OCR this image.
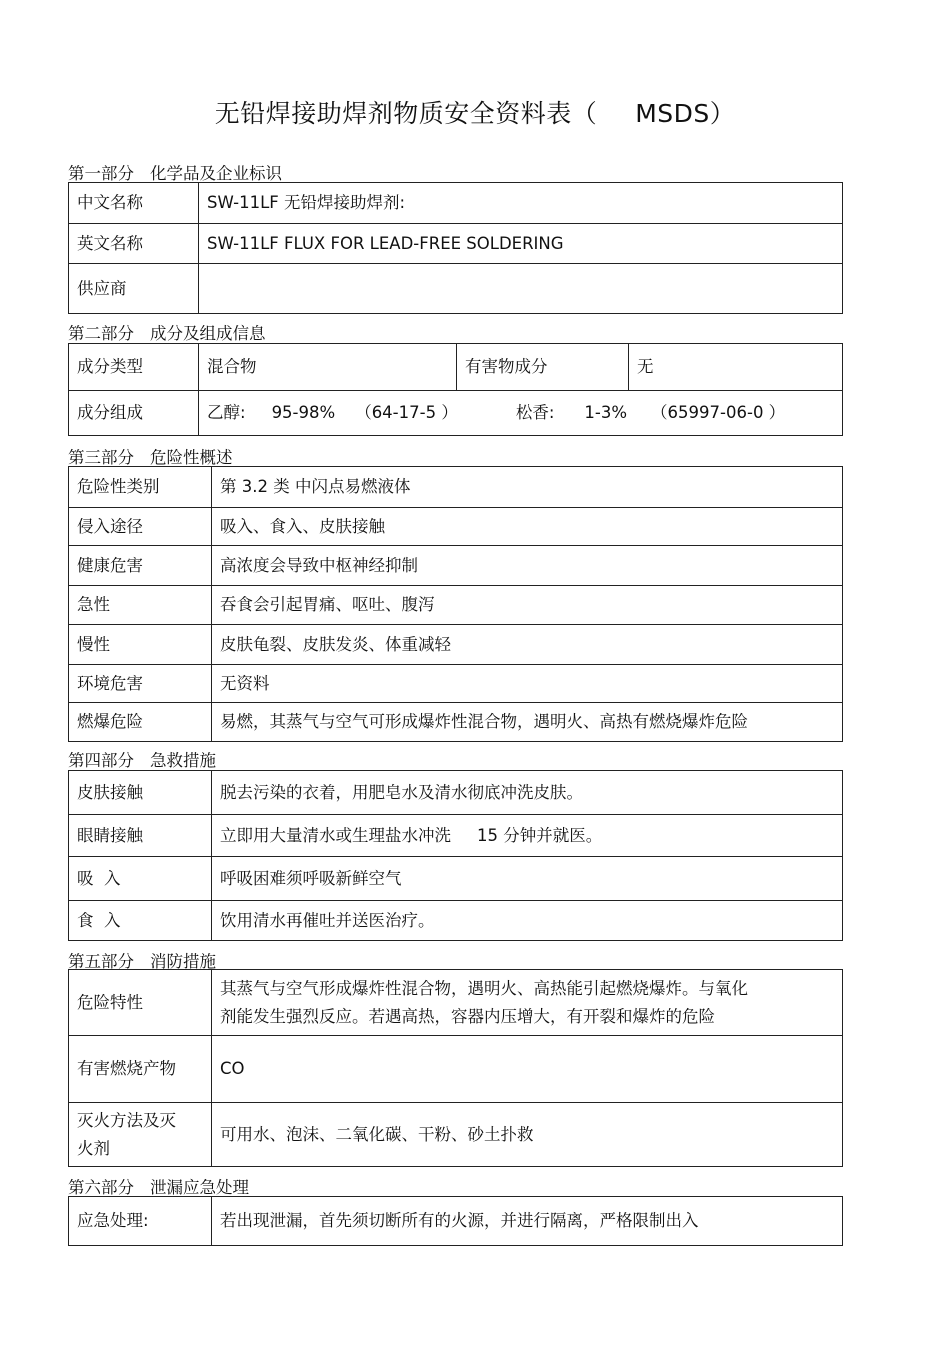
无铅焊接助焊剂物质安全资料表（ MSDS）
第一部分 化学品及企业标识
中文名称	SW-11LF 无铅焊接助焊剂:
英文名称	SW-11LF FLUX FOR LEAD-FREE SOLDERING
供应商	
第二部分 成分及组成信息
成分类型	混合物	有害物成分	无
成分组成	乙醇: 95-98% （64-17-5 ） 松香: 1-3% （65997-06-0 ）		
第三部分 危险性概述
危险性类别	第 3.2 类 中闪点易燃液体
侵入途径	吸入、食入、皮肤接触
健康危害	高浓度会导致中枢神经抑制
急性	吞食会引起胃痛、呕吐、腹泻
慢性	皮肤龟裂、皮肤发炎、体重减轻
环境危害	无资料
燃爆危险	易燃，其蒸气与空气可形成爆炸性混合物，遇明火、高热有燃烧爆炸危险
第四部分 急救措施
皮肤接触	脱去污染的衣着，用肥皂水及清水彻底冲洗皮肤。
眼睛接触	立即用大量清水或生理盐水冲洗 15 分钟并就医。
吸  入	呼吸困难须呼吸新鲜空气
食  入	饮用清水再催吐并送医治疗。
第五部分 消防措施
危险特性	其蒸气与空气形成爆炸性混合物，遇明火、高热能引起燃烧爆炸。与氧化
剂能发生强烈反应。若遇高热，容器内压增大，有开裂和爆炸的危险

有害燃烧产物	CO

灭火方法及灭
火剂	可用水、泡沫、二氧化碳、干粉、砂土扑救
第六部分 泄漏应急处理
应急处理:	若出现泄漏，首先须切断所有的火源，并进行隔离，严格限制出入
